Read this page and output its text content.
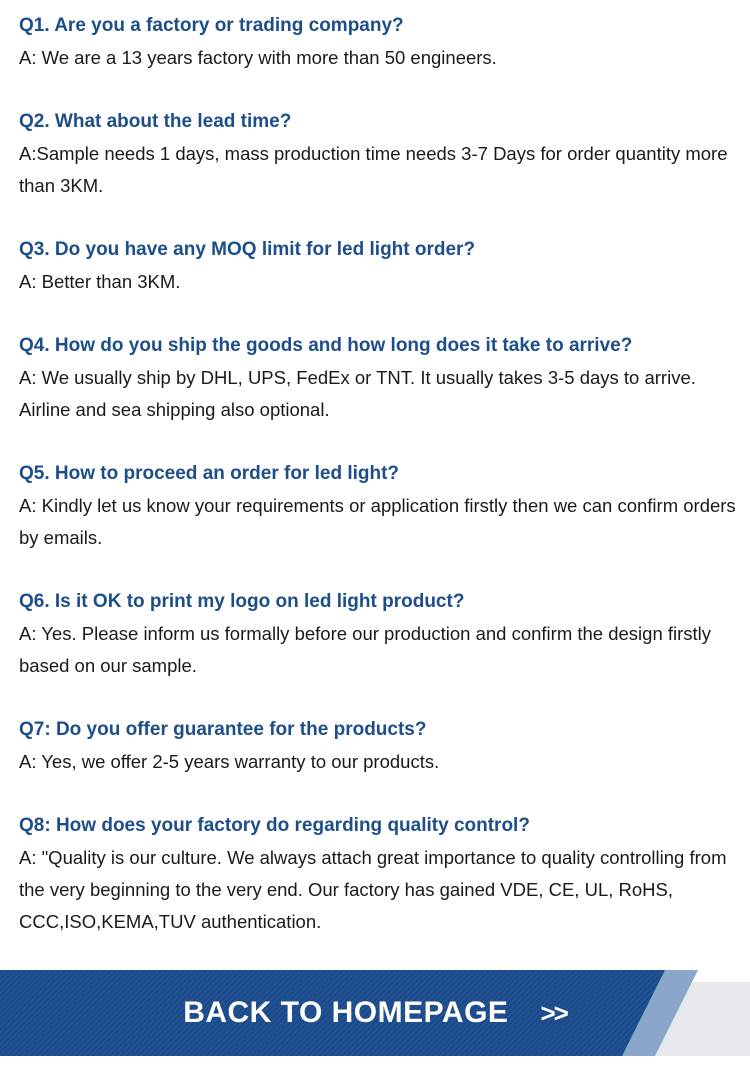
Q1. Are you a factory or trading company?

A: We are a 13 years factory with more than 50 engineers.

Q2. What about the lead time?

A:Sample needs 1 days, mass production time needs 3-7 Days for order quantity more than 3KM.

Q3. Do you have any MOQ limit for led light order?

A: Better than 3KM.

Q4. How do you ship the goods and how long does it take to arrive?

A: We usually ship by DHL, UPS, FedEx or TNT. It usually takes 3-5 days to arrive. Airline and sea shipping also optional.

Q5. How to proceed an order for led light?

A: Kindly let us know your requirements or application firstly then we can confirm orders by emails.

Q6. Is it OK to print my logo on led light product?

A: Yes. Please inform us formally before our production and confirm the design firstly based on our sample.

Q7: Do you offer guarantee for the products?

A: Yes, we offer 2-5 years warranty to our products.

Q8: How does your factory do regarding quality control?

A: "Quality is our culture. We always attach great importance to quality controlling from the very beginning to the very end. Our factory has gained VDE, CE, UL, RoHS, CCC,ISO,KEMA,TUV authentication.

BACK TO HOMEPAGE	>>
